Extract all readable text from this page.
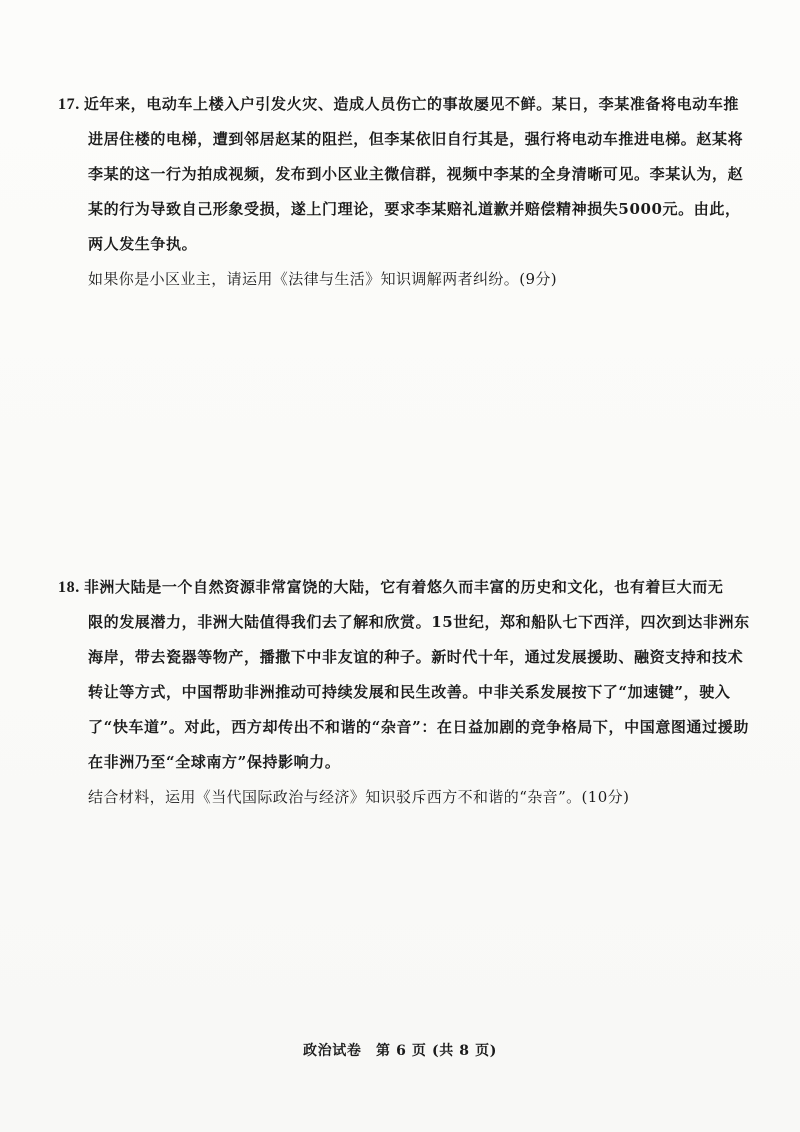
17. 近年来，电动车上楼入户引发火灾、造成人员伤亡的事故屡见不鲜。某日，李某准备将电动车推
进居住楼的电梯，遭到邻居赵某的阻拦，但李某依旧自行其是，强行将电动车推进电梯。赵某将
李某的这一行为拍成视频，发布到小区业主微信群，视频中李某的全身清晰可见。李某认为，赵
某的行为导致自己形象受损，遂上门理论，要求李某赔礼道歉并赔偿精神损失5000元。由此，
两人发生争执。

如果你是小区业主，请运用《法律与生活》知识调解两者纠纷。(9分)

18. 非洲大陆是一个自然资源非常富饶的大陆，它有着悠久而丰富的历史和文化，也有着巨大而无
限的发展潜力，非洲大陆值得我们去了解和欣赏。15世纪，郑和船队七下西洋，四次到达非洲东
海岸，带去瓷器等物产，播撒下中非友谊的种子。新时代十年，通过发展援助、融资支持和技术
转让等方式，中国帮助非洲推动可持续发展和民生改善。中非关系发展按下了“加速键”，驶入
了“快车道”。对此，西方却传出不和谐的“杂音”：在日益加剧的竞争格局下，中国意图通过援助
在非洲乃至“全球南方”保持影响力。

结合材料，运用《当代国际政治与经济》知识驳斥西方不和谐的“杂音”。(10分)

政治试卷　第 6 页 (共 8 页)
